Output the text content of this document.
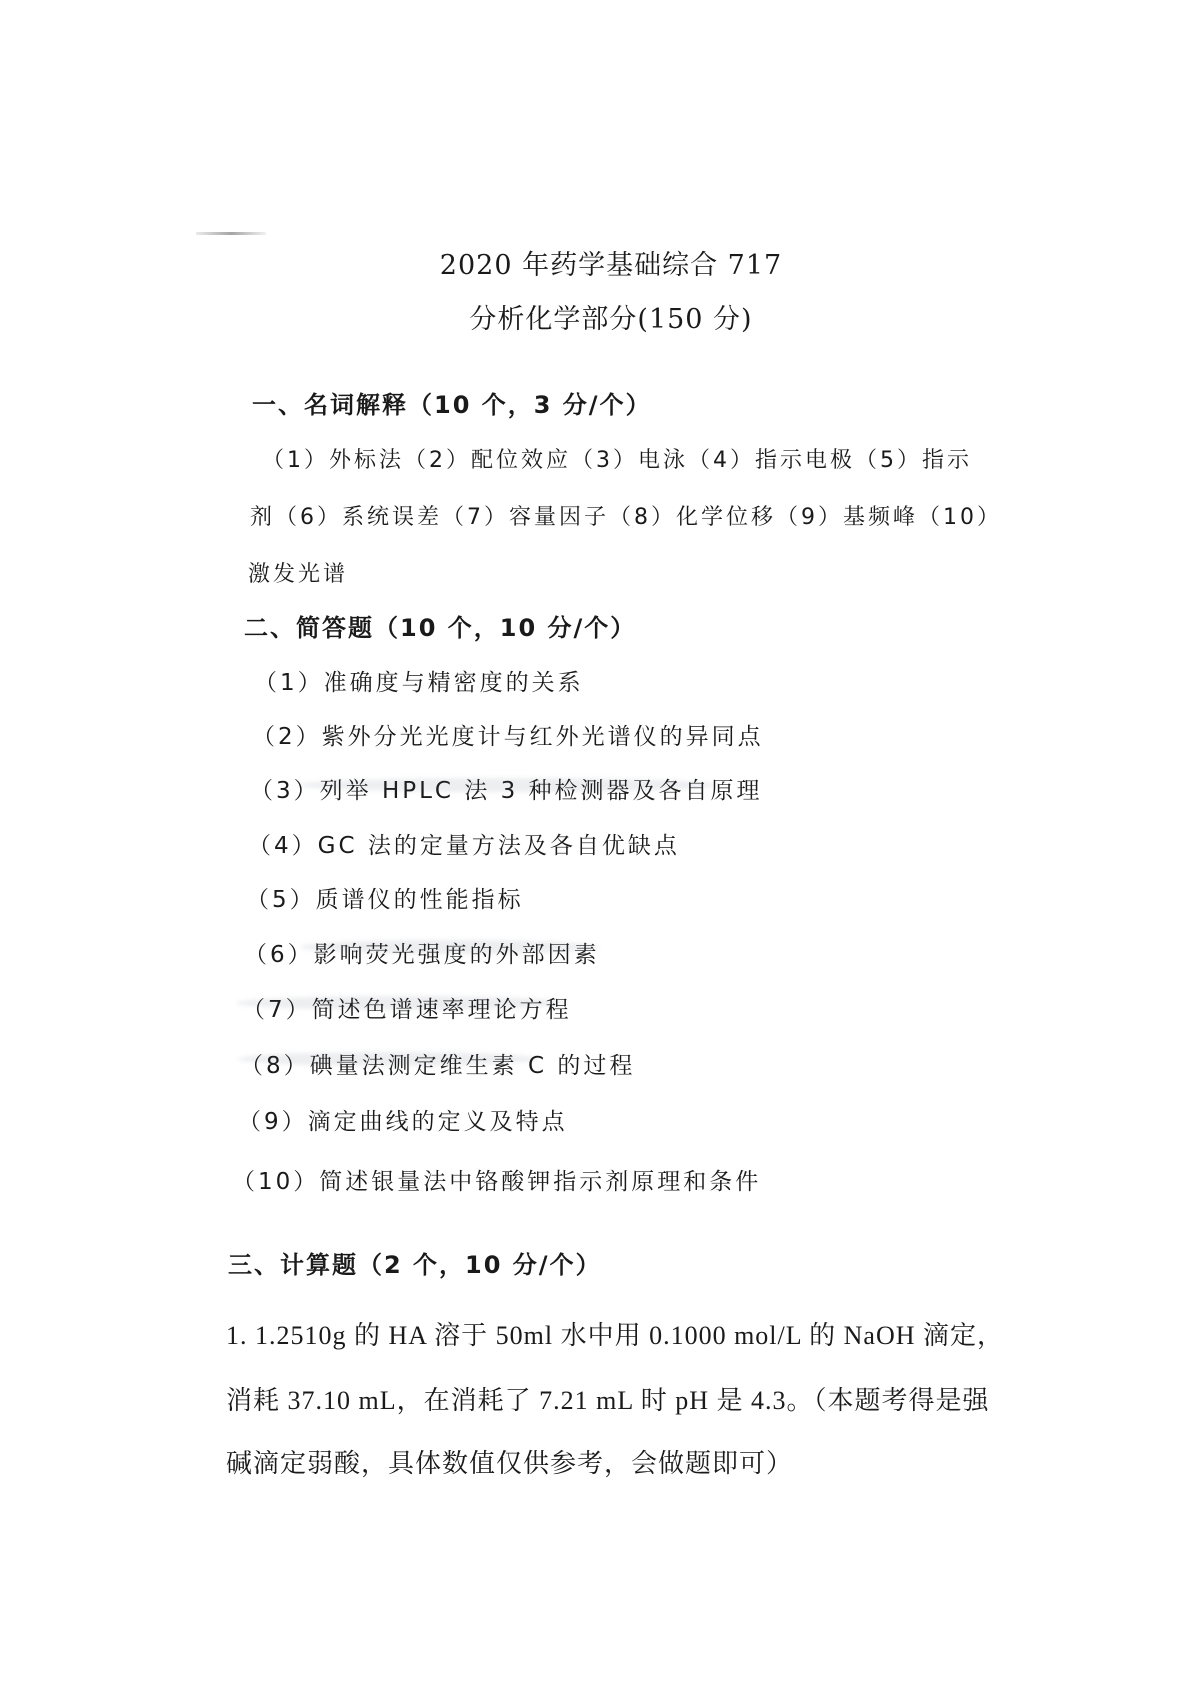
2020 年药学基础综合 717
分析化学部分(150 分)
一、名词解释（10 个，3 分/个）
（1）外标法（2）配位效应（3）电泳（4）指示电极（5）指示
剂（6）系统误差（7）容量因子（8）化学位移（9）基频峰（10）
激发光谱
二、简答题（10 个，10 分/个）
（1）准确度与精密度的关系
（2）紫外分光光度计与红外光谱仪的异同点
（3）列举 HPLC 法 3 种检测器及各自原理
（4）GC 法的定量方法及各自优缺点
（5）质谱仪的性能指标
（6）影响荧光强度的外部因素
（7）简述色谱速率理论方程
（8）碘量法测定维生素 C 的过程
（9）滴定曲线的定义及特点
（10）简述银量法中铬酸钾指示剂原理和条件
三、计算题（2 个，10 分/个）
1. 1.2510g 的 HA 溶于 50ml 水中用 0.1000 mol/L 的 NaOH 滴定，
消耗 37.10 mL，在消耗了 7.21 mL 时 pH 是 4.3。（本题考得是强
碱滴定弱酸，具体数值仅供参考，会做题即可）
